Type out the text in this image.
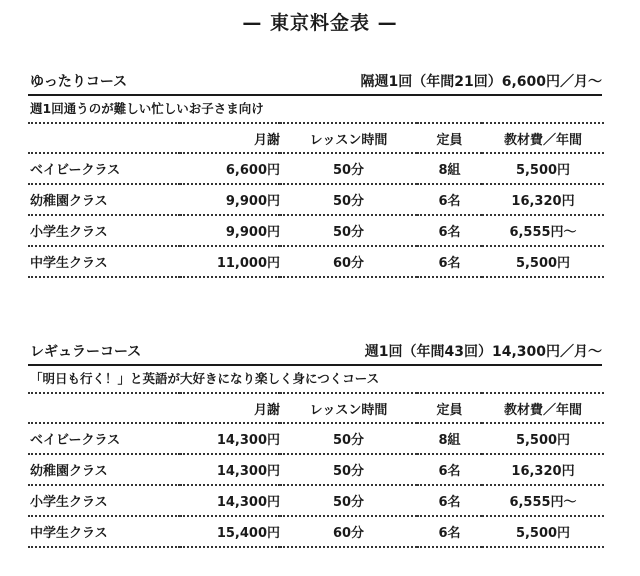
— 東京料金表 —
ゆったりコース	隔週1回（年間21回）6,600円／月〜
週1回通うのが難しい忙しいお子さま向け
	月謝	レッスン時間	定員	教材費／年間
ベイビークラス	6,600円	50分	8組	5,500円
幼稚園クラス	9,900円	50分	6名	16,320円
小学生クラス	9,900円	50分	6名	6,555円〜
中学生クラス	11,000円	60分	6名	5,500円
レギュラーコース	週1回（年間43回）14,300円／月〜
「明日も行く！」と英語が大好きになり楽しく身につくコース
	月謝	レッスン時間	定員	教材費／年間
ベイビークラス	14,300円	50分	8組	5,500円
幼稚園クラス	14,300円	50分	6名	16,320円
小学生クラス	14,300円	50分	6名	6,555円〜
中学生クラス	15,400円	60分	6名	5,500円
